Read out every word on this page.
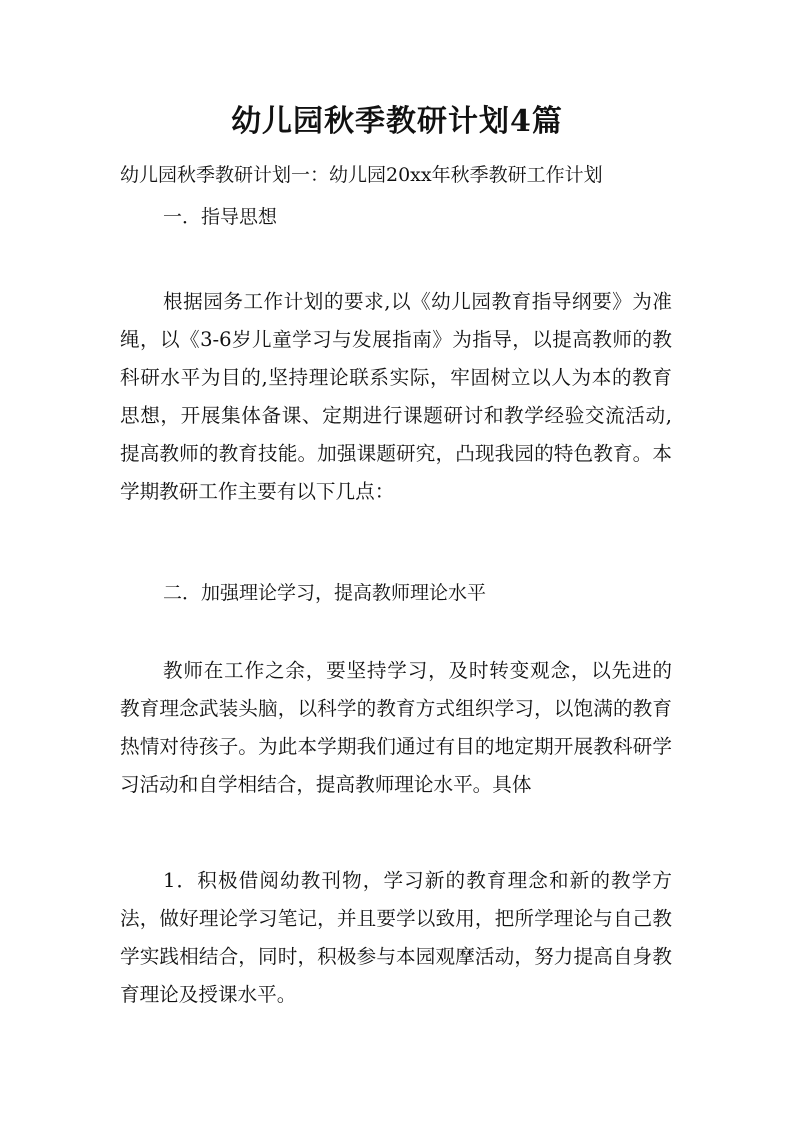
幼儿园秋季教研计划4篇
幼儿园秋季教研计划一：幼儿园20xx年秋季教研工作计划
一．指导思想

根据园务工作计划的要求,以《幼儿园教育指导纲要》为准绳，以《3-6岁儿童学习与发展指南》为指导，以提高教师的教科研水平为目的,坚持理论联系实际，牢固树立以人为本的教育思想，开展集体备课、定期进行课题研讨和教学经验交流活动,提高教师的教育技能。加强课题研究，凸现我园的特色教育。本学期教研工作主要有以下几点：

二．加强理论学习，提高教师理论水平

教师在工作之余，要坚持学习，及时转变观念，以先进的教育理念武装头脑，以科学的教育方式组织学习，以饱满的教育热情对待孩子。为此本学期我们通过有目的地定期开展教科研学习活动和自学相结合，提高教师理论水平。具体

1．积极借阅幼教刊物，学习新的教育理念和新的教学方法，做好理论学习笔记，并且要学以致用，把所学理论与自己教学实践相结合，同时，积极参与本园观摩活动，努力提高自身教育理论及授课水平。
